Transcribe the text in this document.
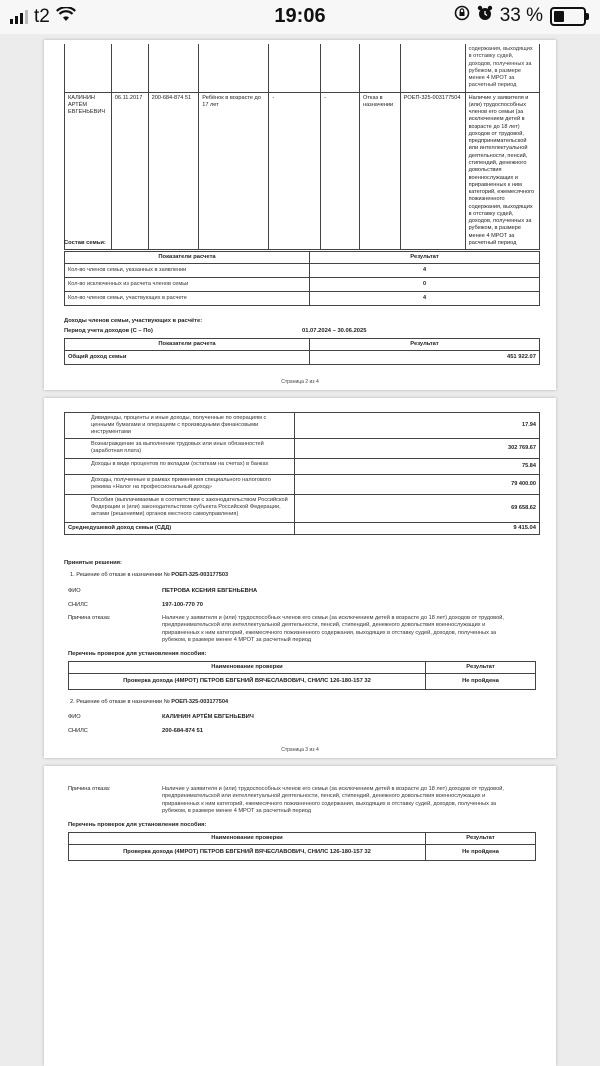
t2	19:06	33 %
								содержания, выходящих в отставку судей, доходов, полученных за рубежом, в размере менее 4 МРОТ за расчетный период
КАЛИНИН АРТЁМ ЕВГЕНЬЕВИЧ	06.11.2017	200-684-874 51	Ребёнок в возрасте до 17 лет	-	-	Отказ в назначении	РОЕП-325-003177504	Наличие у заявителя и (или) трудоспособных членов его семьи (за исключением детей в возрасте до 18 лет) доходов от трудовой, предпринимательской или интеллектуальной деятельности, пенсий, стипендий, денежного довольствия военнослужащих и приравненных к ним категорий, ежемесячного пожизненного содержания, выходящих в отставку судей, доходов, полученных за рубежом, в размере менее 4 МРОТ за расчетный период
Состав семьи:
Показатели расчета	Результат
Кол-во членов семьи, указанных в заявлении	4
Кол-во исключенных из расчета членов семьи	0
Кол-во членов семьи, участвующих в расчете	4
Доходы членов семьи, участвующих в расчёте:
Период учета доходов (С – По)	01.07.2024 – 30.06.2025
Показатели расчета	Результат
Общий доход семьи	451 922.07
Страница 2 из 4
Дивиденды, проценты и иные доходы, полученные по операциям с ценными бумагами и операциям с производными финансовыми инструментами	17.94
Вознаграждение за выполнение трудовых или иных обязанностей (заработная плата)	302 769.67
Доходы в виде процентов по вкладам (остаткам на счетах) в банках	75.84
Доходы, полученные в рамках применения специального налогового режима «Налог на профессиональный доход»	79 400.00
Пособия (выплачиваемые в соответствии с законодательством Российской Федерации и (или) законодательством субъекта Российской Федерации, актами (решениями) органов местного самоуправления)	69 658.62
Среднедушевой доход семьи (СДД)	9 415.04
Принятые решения:
1. Решение об отказе в назначении № РОЕП-325-003177503
ФИО	ПЕТРОВА КСЕНИЯ ЕВГЕНЬЕВНА
СНИЛС	197-100-770 70
Причина отказа:	Наличие у заявителя и (или) трудоспособных членов его семьи (за исключением детей в возрасте до 18 лет) доходов от трудовой, предпринимательской или интеллектуальной деятельности, пенсий, стипендий, денежного довольствия военнослужащих и приравненных к ним категорий, ежемесячного пожизненного содержания, выходящих в отставку судей, доходов, полученных за рубежом, в размере менее 4 МРОТ за расчетный период
Перечень проверок для установления пособия:
Наименование проверки	Результат
Проверка дохода (4МРОТ) ПЕТРОВ ЕВГЕНИЙ ВЯЧЕСЛАВОВИЧ, СНИЛС 126-180-157 32	Не пройдена
2. Решение об отказе в назначении № РОЕП-325-003177504
ФИО	КАЛИНИН АРТЁМ ЕВГЕНЬЕВИЧ
СНИЛС	200-684-874 51
Страница 3 из 4
Причина отказа:	Наличие у заявителя и (или) трудоспособных членов его семьи (за исключением детей в возрасте до 18 лет) доходов от трудовой, предпринимательской или интеллектуальной деятельности, пенсий, стипендий, денежного довольствия военнослужащих и приравненных к ним категорий, ежемесячного пожизненного содержания, выходящих в отставку судей, доходов, полученных за рубежом, в размере менее 4 МРОТ за расчетный период
Перечень проверок для установления пособия:
Наименование проверки	Результат
Проверка дохода (4МРОТ) ПЕТРОВ ЕВГЕНИЙ ВЯЧЕСЛАВОВИЧ, СНИЛС 126-180-157 32	Не пройдена
